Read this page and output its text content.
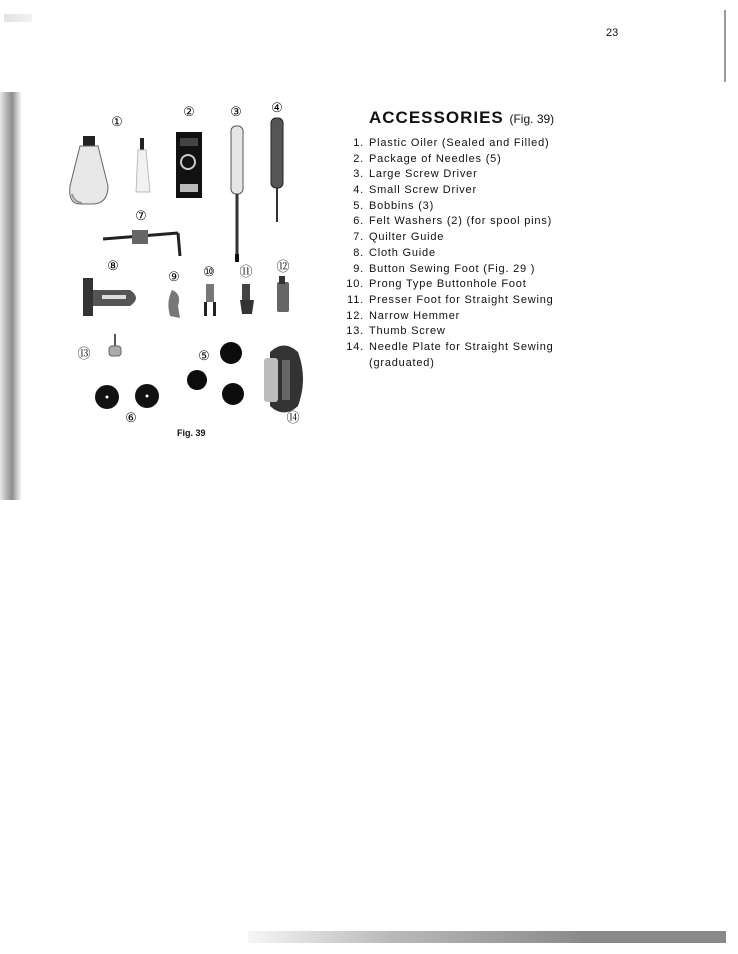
23
①
②	③ ④
⑦
⑧
⑨ ⑩ ⑪ ⑫
⑬	⑤
⑥	⑭
ACCESSORIES (Fig. 39)
1. Plastic Oiler (Sealed and Filled)
2. Package of Needles (5)
3. Large Screw Driver
4. Small Screw Driver
5. Bobbins (3)
6. Felt Washers (2) (for spool pins)
7. Quilter Guide
8. Cloth Guide
9. Button Sewing Foot (Fig. 29 )
10. Prong Type Buttonhole Foot
11. Presser Foot for Straight Sewing
12. Narrow Hemmer
13. Thumb Screw
14. Needle Plate for Straight Sewing
(graduated)
Fig. 39
